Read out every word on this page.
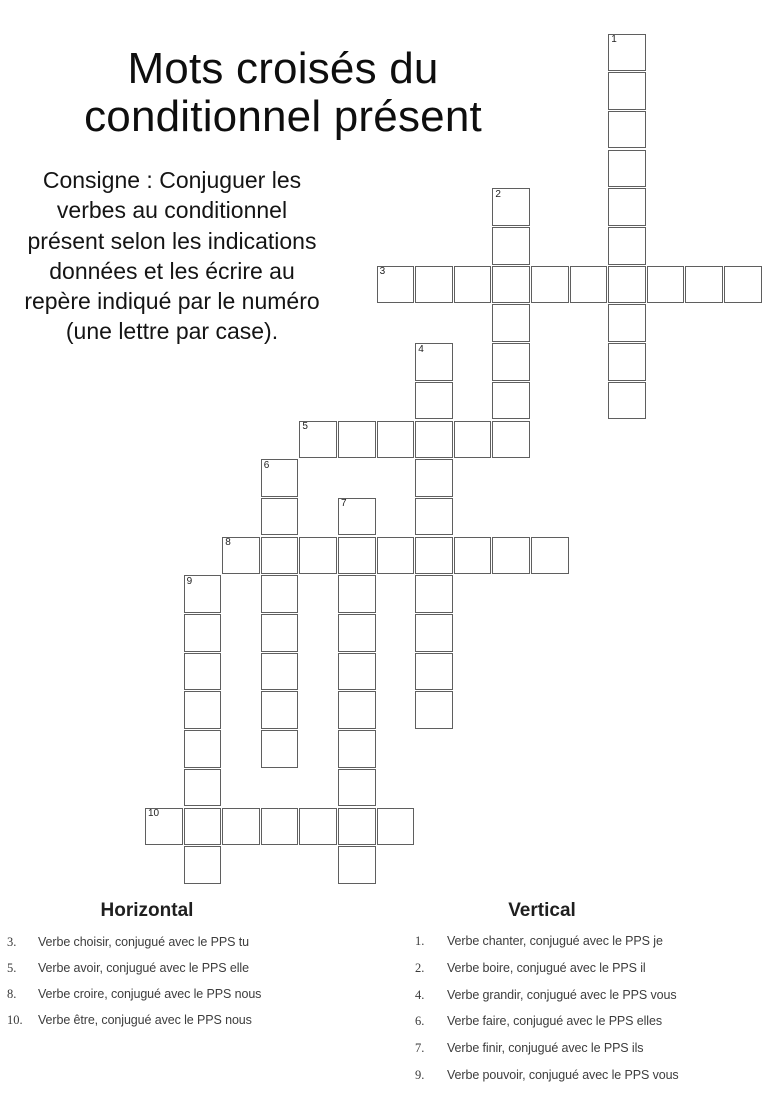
Mots croisés du
conditionnel présent
Consigne : Conjuguer les
verbes au conditionnel
présent selon les indications
données et les écrire au
repère indiqué par le numéro
(une lettre par case).
1
2
3
4
5
6
7
8
9
10
Horizontal
3.	Verbe choisir, conjugué avec le PPS tu
5.	Verbe avoir, conjugué avec le PPS elle
8.	Verbe croire, conjugué avec le PPS nous
10.	Verbe être, conjugué avec le PPS nous
Vertical
1.	Verbe chanter, conjugué avec le PPS je
2.	Verbe boire, conjugué avec le PPS il
4.	Verbe grandir, conjugué avec le PPS vous
6.	Verbe faire, conjugué avec le PPS elles
7.	Verbe finir, conjugué avec le PPS ils
9.	Verbe pouvoir, conjugué avec le PPS vous
